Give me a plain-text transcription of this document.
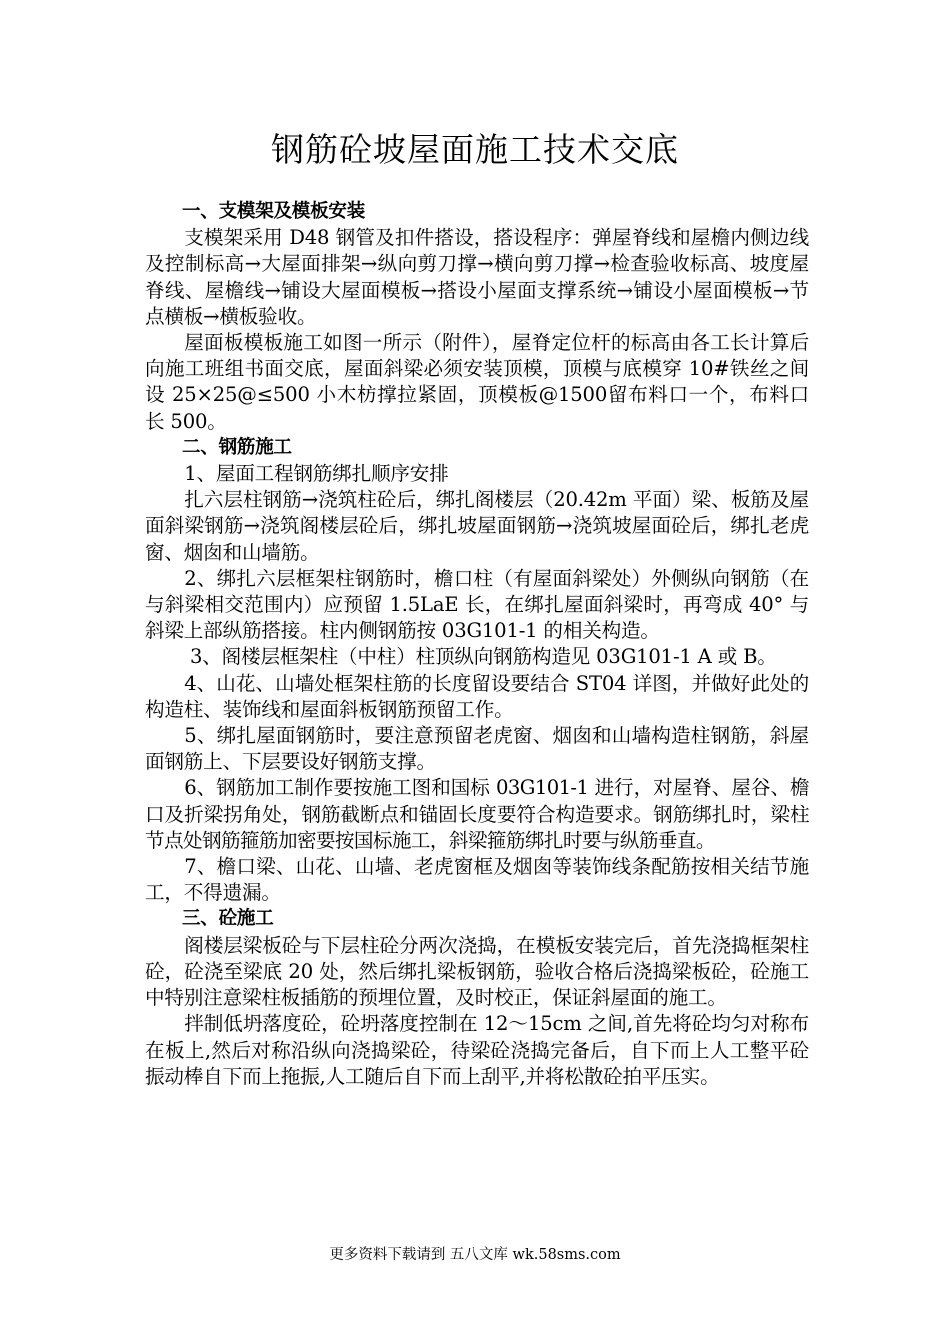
钢筋砼坡屋面施工技术交底

一、支模架及模板安装

支模架采用 D48 钢管及扣件搭设，搭设程序：弹屋脊线和屋檐内侧边线及控制标高→大屋面排架→纵向剪刀撑→横向剪刀撑→检查验收标高、坡度屋脊线、屋檐线→铺设大屋面模板→搭设小屋面支撑系统→铺设小屋面模板→节点横板→横板验收。

屋面板模板施工如图一所示（附件），屋脊定位杆的标高由各工长计算后向施工班组书面交底，屋面斜梁必须安装顶模，顶模与底模穿 10#铁丝之间设 25×25@≤500 小木枋撑拉紧固，顶模板@1500留布料口一个，布料口长 500。

二、钢筋施工

1、屋面工程钢筋绑扎顺序安排

扎六层柱钢筋→浇筑柱砼后，绑扎阁楼层（20.42m 平面）梁、板筋及屋面斜梁钢筋→浇筑阁楼层砼后，绑扎坡屋面钢筋→浇筑坡屋面砼后，绑扎老虎窗、烟囱和山墙筋。

2、绑扎六层框架柱钢筋时，檐口柱（有屋面斜梁处）外侧纵向钢筋（在与斜梁相交范围内）应预留 1.5LaE 长，在绑扎屋面斜梁时，再弯成 40° 与斜梁上部纵筋搭接。柱内侧钢筋按 03G101-1 的相关构造。

3、阁楼层框架柱（中柱）柱顶纵向钢筋构造见 03G101-1 A 或 B。

4、山花、山墙处框架柱筋的长度留设要结合 ST04 详图，并做好此处的构造柱、装饰线和屋面斜板钢筋预留工作。

5、绑扎屋面钢筋时，要注意预留老虎窗、烟囱和山墙构造柱钢筋，斜屋面钢筋上、下层要设好钢筋支撑。

6、钢筋加工制作要按施工图和国标 03G101-1 进行，对屋脊、屋谷、檐口及折梁拐角处，钢筋截断点和锚固长度要符合构造要求。钢筋绑扎时，梁柱节点处钢筋箍筋加密要按国标施工，斜梁箍筋绑扎时要与纵筋垂直。

7、檐口梁、山花、山墙、老虎窗框及烟囱等装饰线条配筋按相关结节施工，不得遗漏。

三、砼施工

阁楼层梁板砼与下层柱砼分两次浇捣，在模板安装完后，首先浇捣框架柱砼，砼浇至梁底 20 处，然后绑扎梁板钢筋，验收合格后浇捣梁板砼，砼施工中特别注意梁柱板插筋的预埋位置，及时校正，保证斜屋面的施工。

拌制低坍落度砼，砼坍落度控制在 12～15cm 之间,首先将砼均匀对称布在板上,然后对称沿纵向浇捣梁砼，待梁砼浇捣完备后，自下而上人工整平砼振动棒自下而上拖振,人工随后自下而上刮平,并将松散砼拍平压实。

更多资料下载请到 五八文库 wk.58sms.com
